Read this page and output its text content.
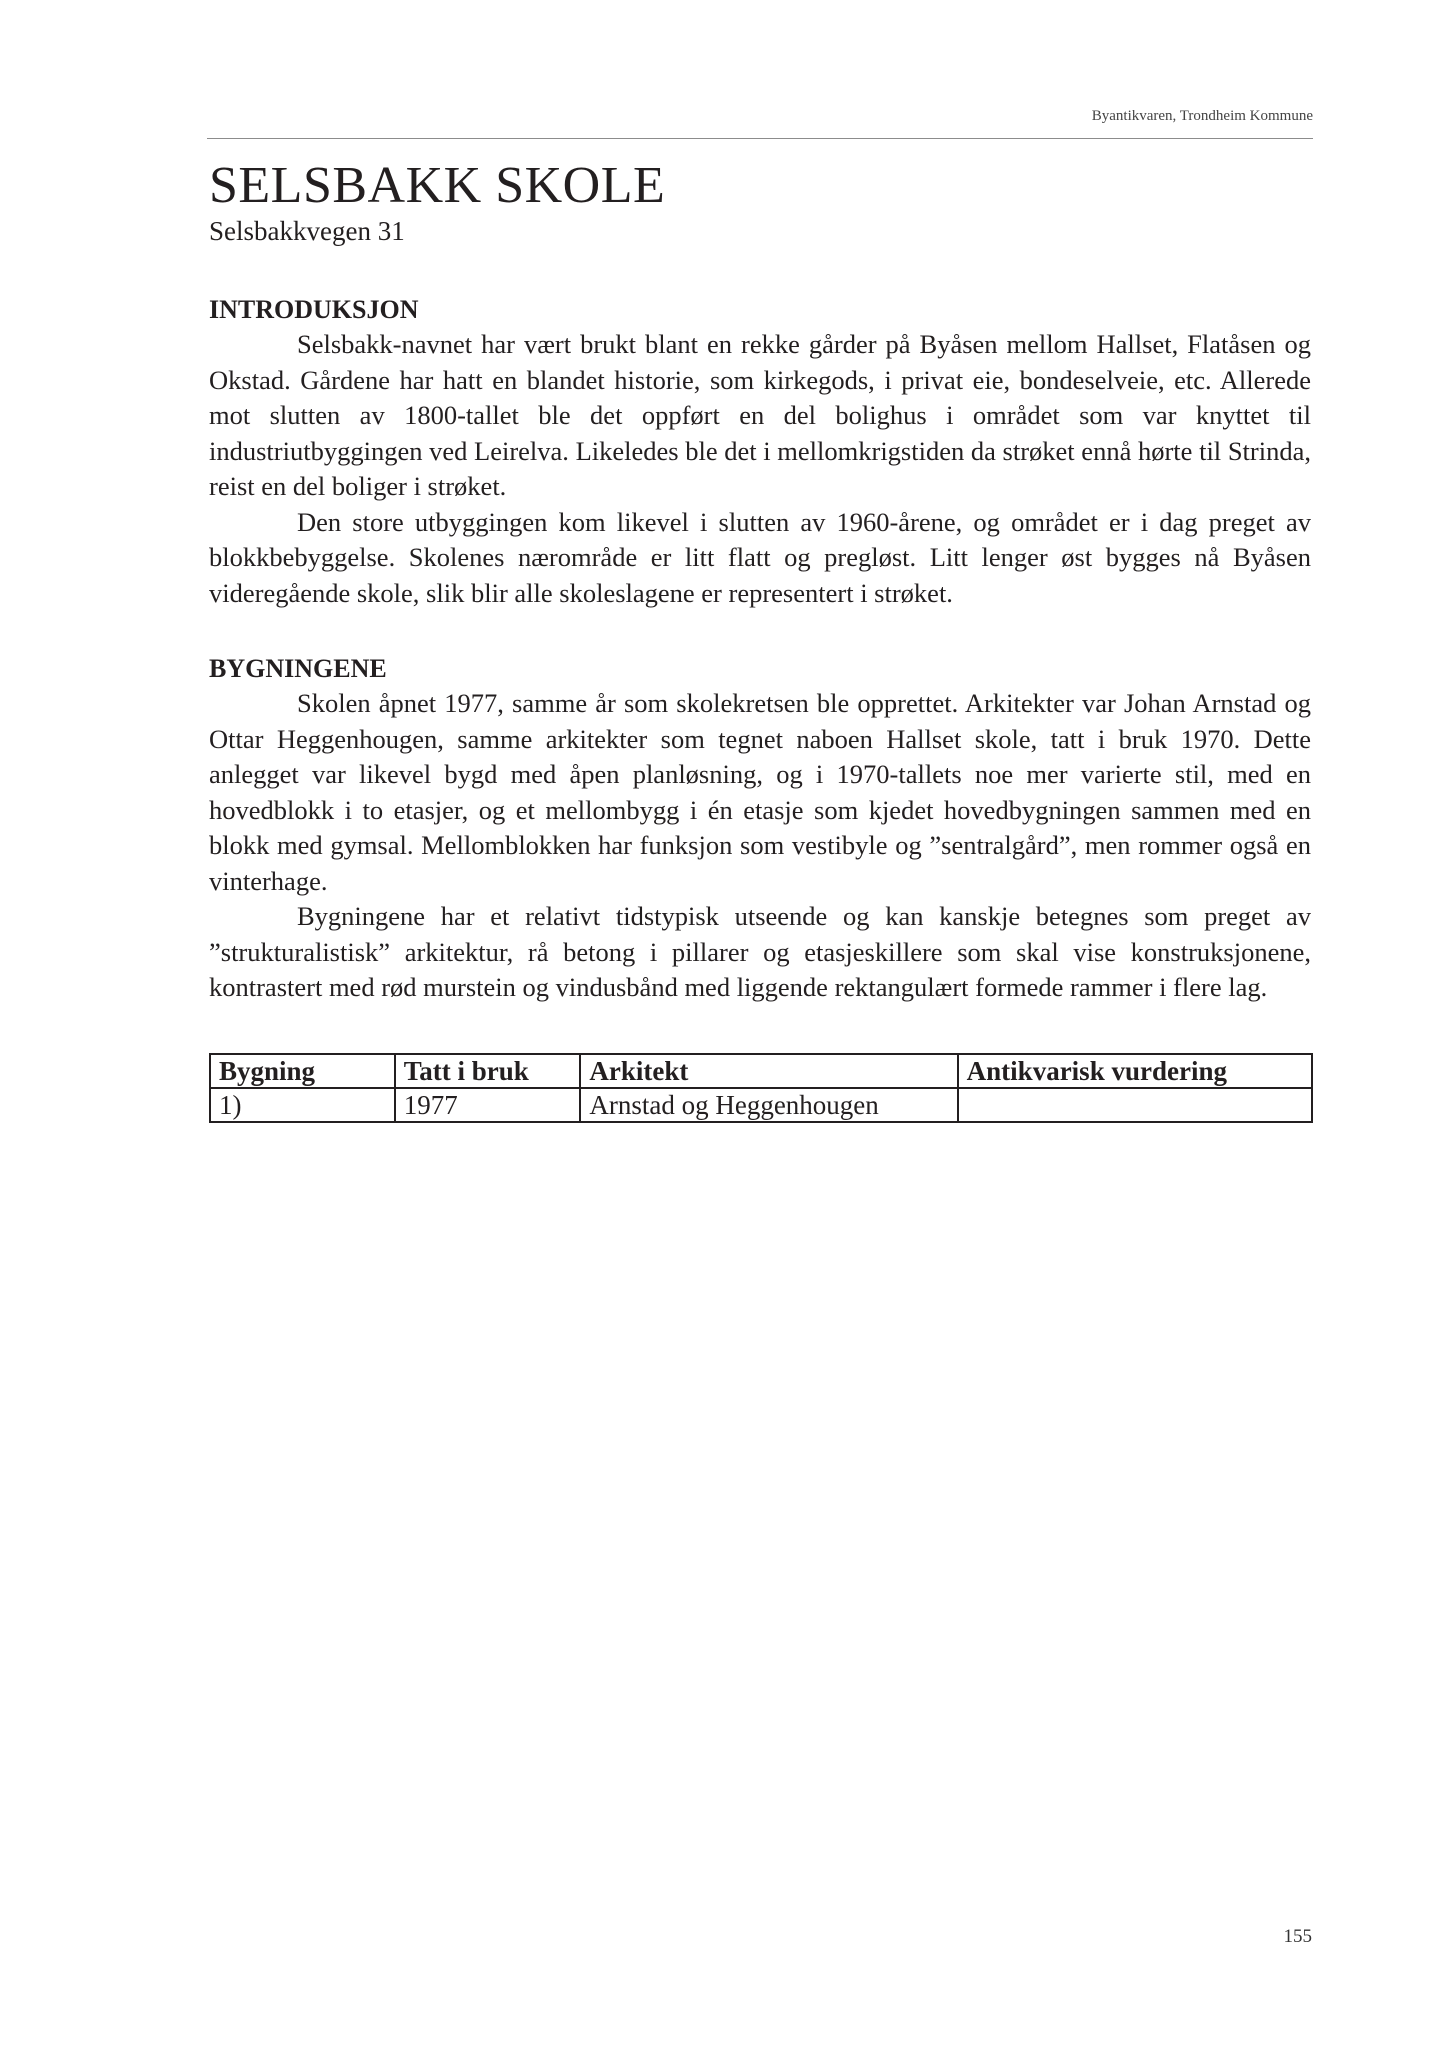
Byantikvaren, Trondheim Kommune
SELSBAKK SKOLE
Selsbakkvegen 31
INTRODUKSJON

Selsbakk-navnet har vært brukt blant en rekke gårder på Byåsen mellom Hallset, Flatåsen og Okstad. Gårdene har hatt en blandet historie, som kirkegods, i privat eie, bondeselveie, etc. Allerede mot slutten av 1800-tallet ble det oppført en del bolighus i området som var knyttet til industriutbyggingen ved Leirelva. Likeledes ble det i mellomkrigstiden da strøket ennå hørte til Strinda, reist en del boliger i strøket.

Den store utbyggingen kom likevel i slutten av 1960-årene, og området er i dag preget av blokkbebyggelse. Skolenes nærområde er litt flatt og pregløst. Litt lenger øst bygges nå Byåsen videregående skole, slik blir alle skoleslagene er representert i strøket.

BYGNINGENE

Skolen åpnet 1977, samme år som skolekretsen ble opprettet. Arkitekter var Johan Arnstad og Ottar Heggenhougen, samme arkitekter som tegnet naboen Hallset skole, tatt i bruk 1970. Dette anlegget var likevel bygd med åpen planløsning, og i 1970-tallets noe mer varierte stil, med en hovedblokk i to etasjer, og et mellombygg i én etasje som kjedet hovedbygningen sammen med en blokk med gymsal. Mellomblokken har funksjon som vestibyle og ”sentralgård”, men rommer også en vinterhage.

Bygningene har et relativt tidstypisk utseende og kan kanskje betegnes som preget av ”strukturalistisk” arkitektur, rå betong i pillarer og etasjeskillere som skal vise konstruksjonene, kontrastert med rød murstein og vindusbånd med liggende rektangulært formede rammer i flere lag.

Bygning	Tatt i bruk	Arkitekt	Antikvarisk vurdering
1)	1977	Arnstad og Heggenhougen	
155
